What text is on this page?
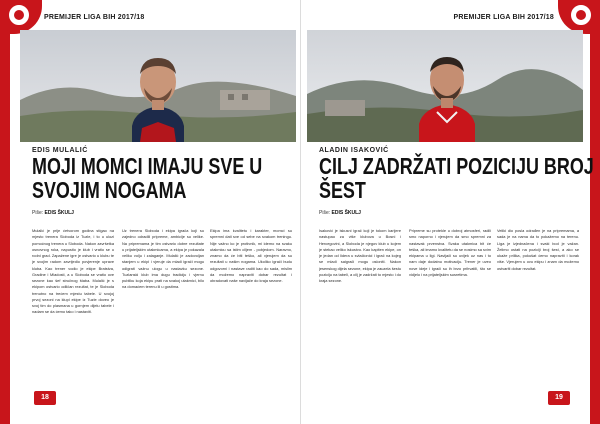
PREMIJER LIGA BIH 2017/18
EDIS MULALIĆ
MOJI MOMCI IMAJU SVE U
SVOJIM NOGAMA
Piše: EDIS ŠKULJ

Mulalić je prije ćetvorom godina stigao na mjesto trenera Sloboda iz Tuzle, i to u ulozi pomoćnog trenera u Sloboda. Nakon završetka osnovnog roka, napustio je klub i vratio se u rodni grad. Zapažene igre je ostvario u klubu te je svojim radom zavrijedio povjerenje uprave kluba. Kao trener vodio je ekipe Bratstva, Gradine i Mladosti, a u Sloboda se vratio ove sezone kao šef stručnog štaba. Mulalić je s ekipom ostvario odličan rezultat, te je Sloboda trenutno na trećem mjestu tabele. U svojoj prvoj sezoni na klupi ekipe iz Tuzle doveo je svoj tim do plasmana u gornjem dijelu tabele i nadam se da ćemo tako i nastaviti.

Uz trenera Sloboda i ekipa igrača koji su zajedno odradili pripreme, ambicije su velike. Na pripremama je tim ostvario dobre rezultate u prijateljskim utakmicama, a ekipa je pokazala veliku volju i zalaganje. Mulalić je zadovoljan stanjem u ekipi i vjeruje da mladi igrači mogu odigrati važnu ulogu u nastavku sezone. Tuzlanski klub ima dugu tradiciju i vjernu publiku koja ekipu prati na svakoj utakmici, bilo na domaćem terenu ili u gostima.

Ekipa ima kvalitetu i karakter, momci su spremni dati sve od sebe na svakom treningu. Nije važno ko je protivnik, mi idemo na svaku utakmicu sa istim ciljem - pobjedom. Naravno, znamo da će biti teško, ali vjerujem da su rezultati u našim nogama. Ukoliko igrači budu odgovorni i nastave raditi kao do sada, mislim da možemo napraviti dobar rezultat i obradovati naše navijače do kraja sezone.

18
PREMIJER LIGA BIH 2017/18
ALADIN ISAKOVIĆ
CILJ ZADRŽATI POZICIJU BROJ
ŠEST
Piše: EDIS ŠKULJ

Isaković je iskusni igrač koji je tokom karijere nastupao za više klubova u Bosni i Hercegovini, a Sloboda je njegov klub u kojem je stekao veliko iskustvo. Kao kapiten ekipe, on je jedan od lidera u svlačionici i igrač na kojeg se mladi saigrači mogu osloniti. Nakon jesenskog dijela sezone, ekipa je zauzela šestu poziciju na tabeli, a cilj je zadržati to mjesto i do kraja sezone.

Pripreme su protekle u dobroj atmosferi, radili smo naporno i vjerujem da smo spremni za nastavak prvenstva. Svaka utakmica bit će teška, ali imamo kvalitetu da se nosimo sa svim ekipama u ligi. Navijači su uvijek uz nas i to nam daje dodatnu motivaciju. Trener je uveo nove ideje i igrači su ih brzo prihvatili, što se vidjelo i na prijateljskim susretima.

Veliki dio posla odrađen je na pripremama, a sada je na nama da to pokažemo na terenu. Liga je izjednačena i svaki bod je važan. Želimo ostati na poziciji broj šest, a ako se ukaže prilika, pokušat ćemo napraviti i korak više. Vjerujem u ovu ekipu i znam da možemo ostvariti dobar rezultat.

19
